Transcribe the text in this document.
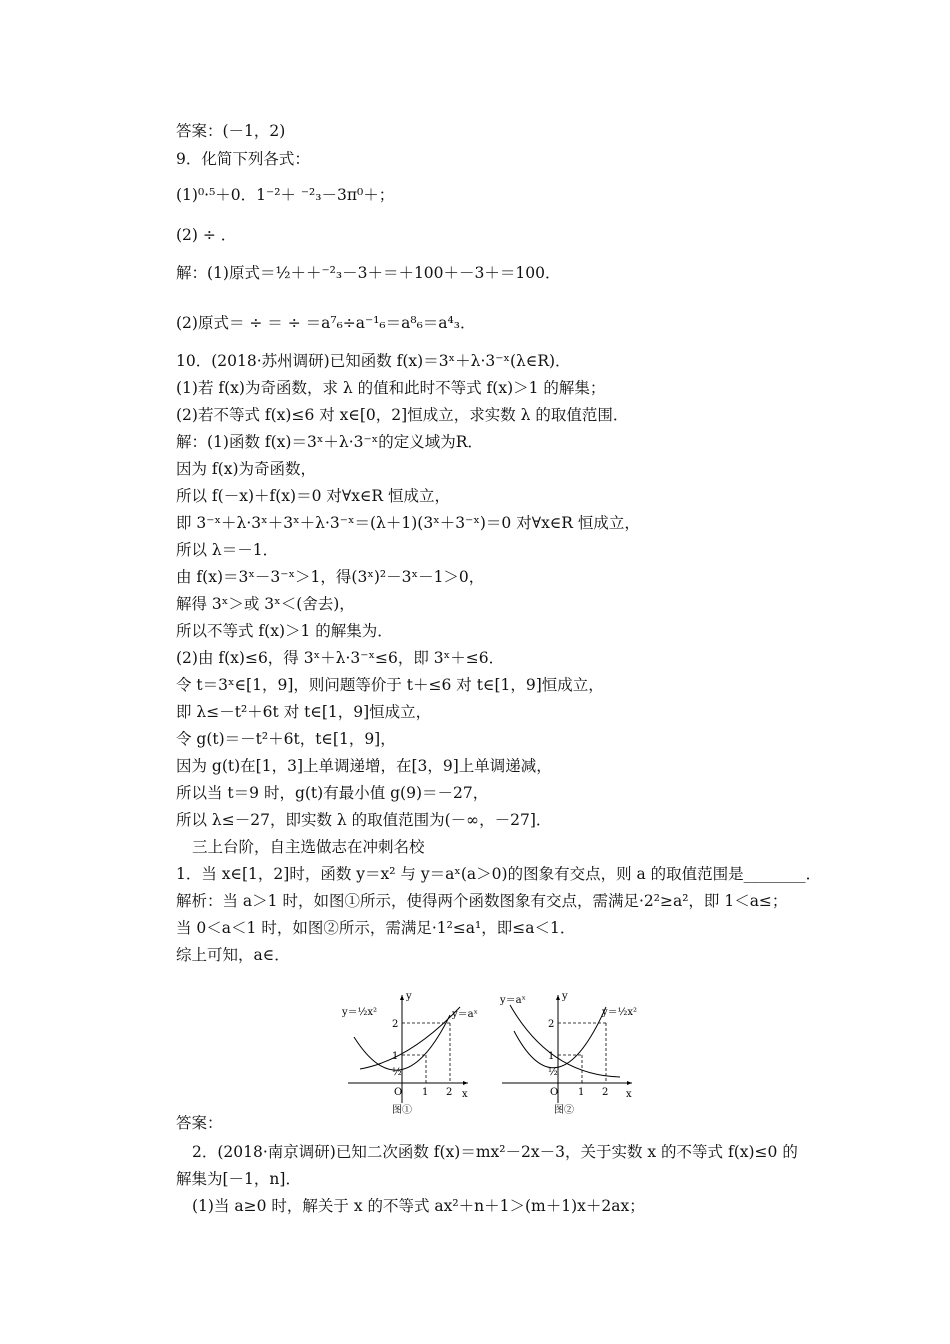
答案：(－1，2)
9．化简下列各式：
(1)⁰·⁵＋0．1⁻²＋ ⁻²₃－3π⁰＋；
(2) ÷ ．
解：(1)原式＝½＋＋⁻²₃－3＋＝＋100＋－3＋＝100．
(2)原式＝ ÷ ＝ ÷ ＝a⁷₆÷a⁻¹₆＝a⁸₆＝a⁴₃．
10．(2018·苏州调研)已知函数 f(x)＝3ˣ＋λ·3⁻ˣ(λ∈R)．
(1)若 f(x)为奇函数，求 λ 的值和此时不等式 f(x)＞1 的解集；
(2)若不等式 f(x)≤6 对 x∈[0，2]恒成立，求实数 λ 的取值范围．
解：(1)函数 f(x)＝3ˣ＋λ·3⁻ˣ的定义域为R．
因为 f(x)为奇函数，
所以 f(－x)＋f(x)＝0 对∀x∈R 恒成立，
即 3⁻ˣ＋λ·3ˣ＋3ˣ＋λ·3⁻ˣ＝(λ＋1)(3ˣ＋3⁻ˣ)＝0 对∀x∈R 恒成立，
所以 λ＝－1．
由 f(x)＝3ˣ－3⁻ˣ＞1，得(3ˣ)²－3ˣ－1＞0，
解得 3ˣ＞或 3ˣ＜(舍去)，
所以不等式 f(x)＞1 的解集为．
(2)由 f(x)≤6，得 3ˣ＋λ·3⁻ˣ≤6，即 3ˣ＋≤6．
令 t＝3ˣ∈[1，9]，则问题等价于 t＋≤6 对 t∈[1，9]恒成立，
即 λ≤－t²＋6t 对 t∈[1，9]恒成立，
令 g(t)＝－t²＋6t，t∈[1，9]，
因为 g(t)在[1，3]上单调递增，在[3，9]上单调递减，
所以当 t＝9 时，g(t)有最小值 g(9)＝－27，
所以 λ≤－27，即实数 λ 的取值范围为(－∞，－27]．
三上台阶，自主选做志在冲刺名校
1．当 x∈[1，2]时，函数 y＝x² 与 y＝aˣ(a＞0)的图象有交点，则 a 的取值范围是________．
解析：当 a＞1 时，如图①所示，使得两个函数图象有交点，需满足·2²≥a²，即 1＜a≤；
当 0＜a＜1 时，如图②所示，需满足·1²≤a¹，即≤a＜1．
综上可知，a∈．
y＝½x²	y＝aˣ
y
x
O 1 2
½
1
2
图①
y＝aˣ
y＝½x²
y
x
O 1 2
½
1
2
图②
答案：
2．(2018·南京调研)已知二次函数 f(x)＝mx²－2x－3，关于实数 x 的不等式 f(x)≤0 的
解集为[－1，n]．
(1)当 a≥0 时，解关于 x 的不等式 ax²＋n＋1＞(m＋1)x＋2ax；
